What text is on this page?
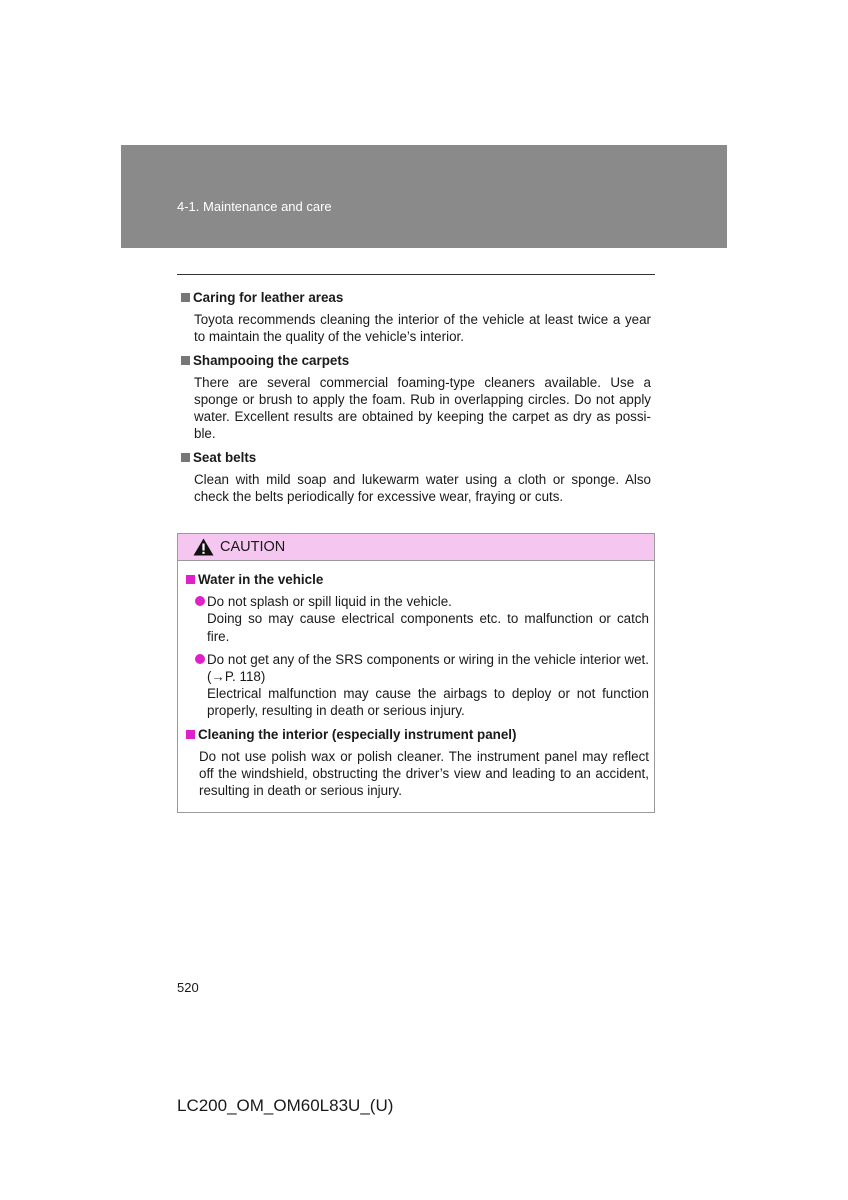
4-1. Maintenance and care
Caring for leather areas
Toyota recommends cleaning the interior of the vehicle at least twice a year to maintain the quality of the vehicle’s interior.
Shampooing the carpets
There are several commercial foaming-type cleaners available. Use a sponge or brush to apply the foam. Rub in overlapping circles. Do not apply water. Excellent results are obtained by keeping the carpet as dry as possi-ble.
Seat belts
Clean with mild soap and lukewarm water using a cloth or sponge. Also check the belts periodically for excessive wear, fraying or cuts.
CAUTION
Water in the vehicle
Do not splash or spill liquid in the vehicle.
Doing so may cause electrical components etc. to malfunction or catch fire.
Do not get any of the SRS components or wiring in the vehicle interior wet. (→P. 118)
Electrical malfunction may cause the airbags to deploy or not function properly, resulting in death or serious injury.
Cleaning the interior (especially instrument panel)
Do not use polish wax or polish cleaner. The instrument panel may reflect off the windshield, obstructing the driver’s view and leading to an accident, resulting in death or serious injury.
520
LC200_OM_OM60L83U_(U)
